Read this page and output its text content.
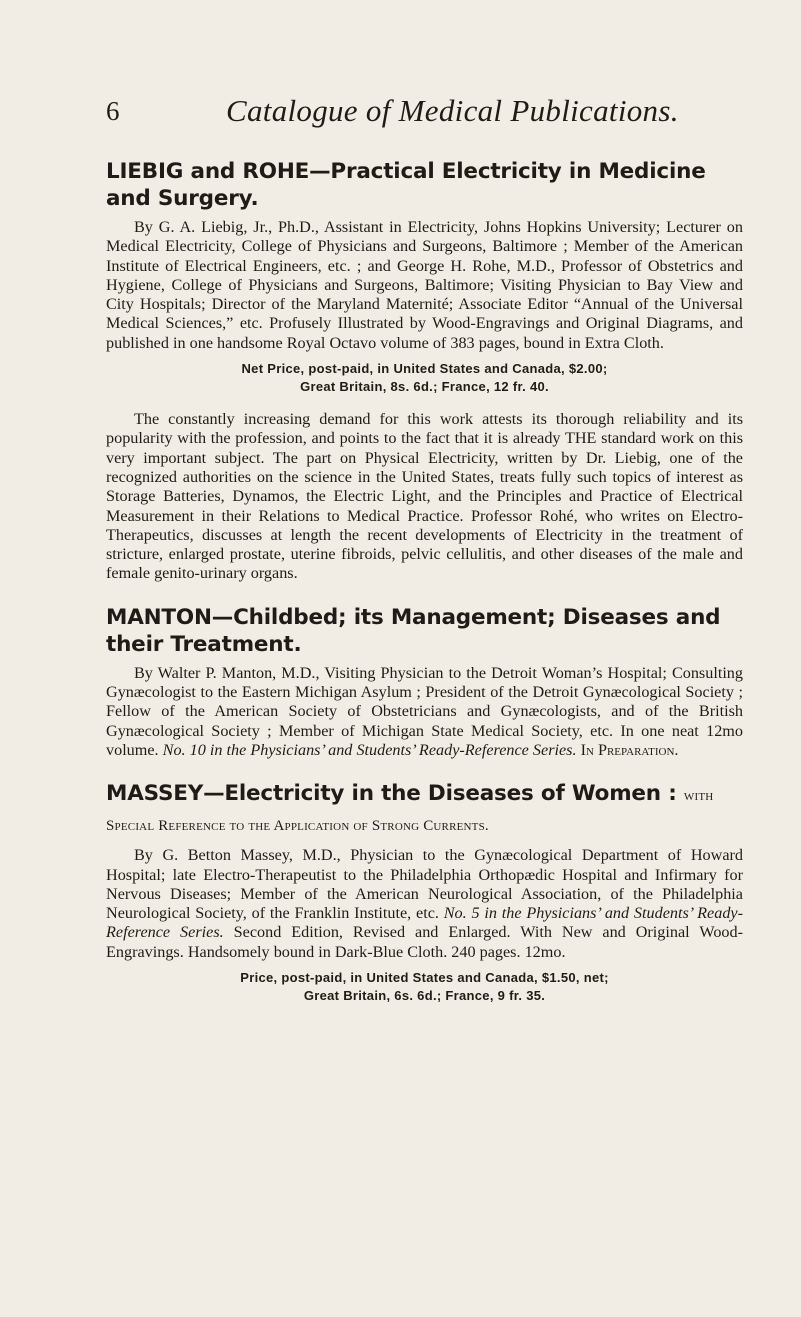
6	Catalogue of Medical Publications.
LIEBIG and ROHE—Practical Electricity in Medicine and Surgery.

By G. A. Liebig, Jr., Ph.D., Assistant in Electricity, Johns Hopkins University; Lecturer on Medical Electricity, College of Physicians and Surgeons, Baltimore ; Member of the American Institute of Electrical Engineers, etc. ; and George H. Rohe, M.D., Professor of Obstetrics and Hygiene, College of Physicians and Surgeons, Baltimore; Visiting Physician to Bay View and City Hospitals; Director of the Maryland Maternité; Associate Editor “Annual of the Universal Medical Sciences,” etc. Profusely Illustrated by Wood-Engravings and Original Diagrams, and published in one handsome Royal Octavo volume of 383 pages, bound in Extra Cloth.

Net Price, post-paid, in United States and Canada, $2.00;
Great Britain, 8s. 6d.; France, 12 fr. 40.

The constantly increasing demand for this work attests its thorough reliability and its popularity with the profession, and points to the fact that it is already THE standard work on this very important subject. The part on Physical Electricity, written by Dr. Liebig, one of the recognized authorities on the science in the United States, treats fully such topics of interest as Storage Batteries, Dynamos, the Electric Light, and the Principles and Practice of Electrical Measurement in their Relations to Medical Practice. Professor Rohé, who writes on Electro-Therapeutics, discusses at length the recent developments of Electricity in the treatment of stricture, enlarged prostate, uterine fibroids, pelvic cellulitis, and other diseases of the male and female genito-urinary organs.

MANTON—Childbed; its Management; Diseases and their Treatment.

By Walter P. Manton, M.D., Visiting Physician to the Detroit Woman’s Hospital; Consulting Gynæcologist to the Eastern Michigan Asylum ; President of the Detroit Gynæcological Society ; Fellow of the American Society of Obstetricians and Gynæcologists, and of the British Gynæcological Society ; Member of Michigan State Medical Society, etc. In one neat 12mo volume. No. 10 in the Physicians’ and Students’ Ready-Reference Series. In Preparation.

MASSEY—Electricity in the Diseases of Women : with Special Reference to the Application of Strong Currents.

By G. Betton Massey, M.D., Physician to the Gynæcological Department of Howard Hospital; late Electro-Therapeutist to the Philadelphia Orthopædic Hospital and Infirmary for Nervous Diseases; Member of the American Neurological Association, of the Philadelphia Neurological Society, of the Franklin Institute, etc. No. 5 in the Physicians’ and Students’ Ready-Reference Series. Second Edition, Revised and Enlarged. With New and Original Wood-Engravings. Handsomely bound in Dark-Blue Cloth. 240 pages. 12mo.

Price, post-paid, in United States and Canada, $1.50, net;
Great Britain, 6s. 6d.; France, 9 fr. 35.
